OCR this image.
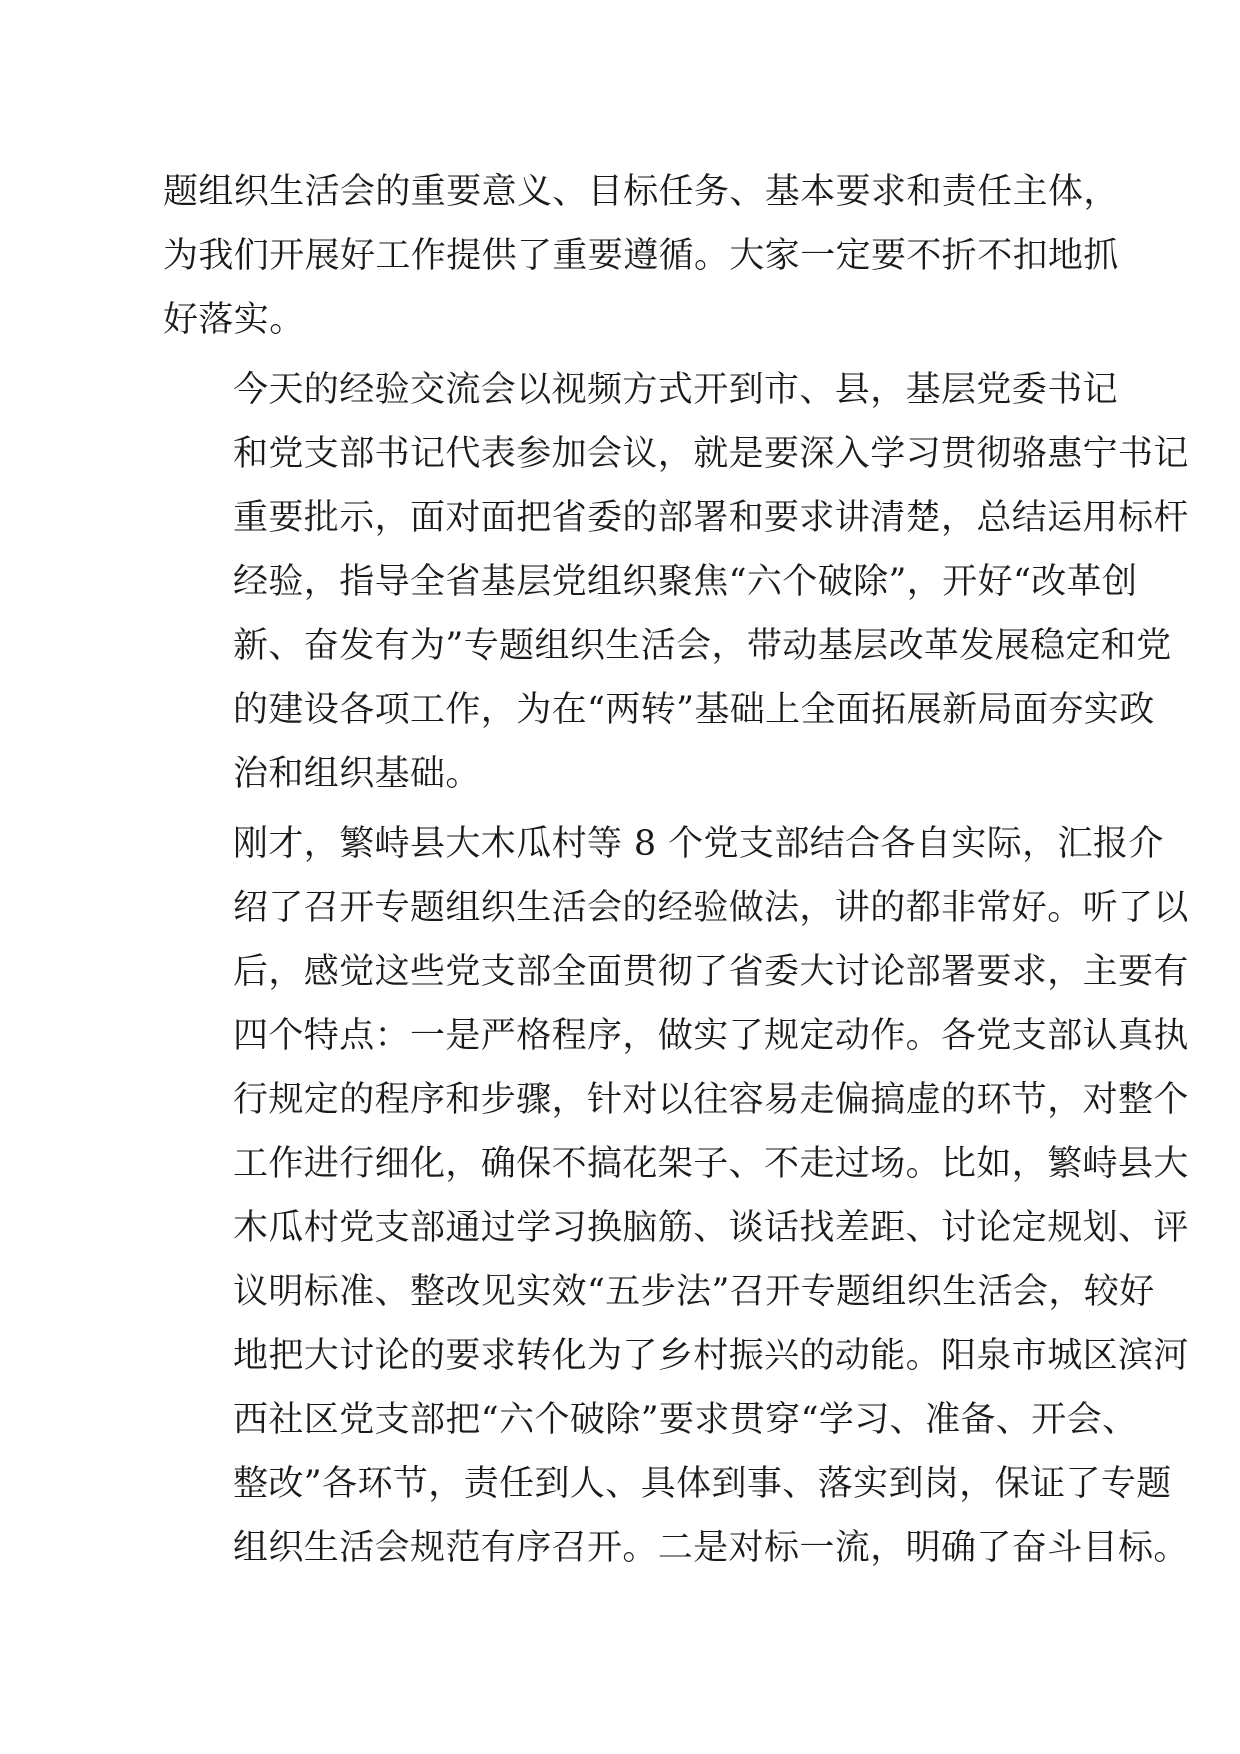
题组织生活会的重要意义、目标任务、基本要求和责任主体，
为我们开展好工作提供了重要遵循。大家一定要不折不扣地抓
好落实。

今天的经验交流会以视频方式开到市、县，基层党委书记
和党支部书记代表参加会议，就是要深入学习贯彻骆惠宁书记
重要批示，面对面把省委的部署和要求讲清楚，总结运用标杆
经验，指导全省基层党组织聚焦“六个破除”，开好“改革创
新、奋发有为”专题组织生活会，带动基层改革发展稳定和党
的建设各项工作，为在“两转”基础上全面拓展新局面夯实政
治和组织基础。

刚才，繁峙县大木瓜村等 8 个党支部结合各自实际，汇报介
绍了召开专题组织生活会的经验做法，讲的都非常好。听了以
后，感觉这些党支部全面贯彻了省委大讨论部署要求，主要有
四个特点：一是严格程序，做实了规定动作。各党支部认真执
行规定的程序和步骤，针对以往容易走偏搞虚的环节，对整个
工作进行细化，确保不搞花架子、不走过场。比如，繁峙县大
木瓜村党支部通过学习换脑筋、谈话找差距、讨论定规划、评
议明标准、整改见实效“五步法”召开专题组织生活会，较好
地把大讨论的要求转化为了乡村振兴的动能。阳泉市城区滨河
西社区党支部把“六个破除”要求贯穿“学习、准备、开会、
整改”各环节，责任到人、具体到事、落实到岗，保证了专题
组织生活会规范有序召开。二是对标一流，明确了奋斗目标。
